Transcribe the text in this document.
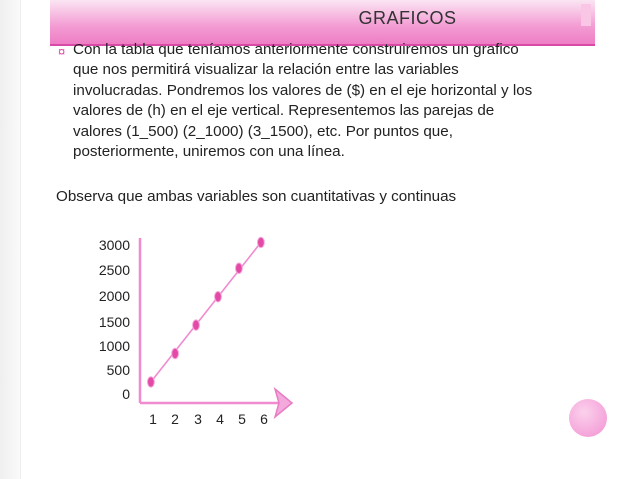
GRAFICOS
¤ Con la tabla que teníamos anteriormente construiremos un grafico
que nos permitirá visualizar la relación entre las variables
involucradas. Pondremos los valores de ($) en el eje horizontal y los
valores de (h) en el eje vertical. Representemos las parejas de
valores (1_500) (2_1000) (3_1500), etc. Por puntos que,
posteriormente, uniremos con una línea.
Observa que ambas variables son cuantitativas y continuas
3000
2500
2000
1500
1000
500
0
1	2	3	4	5	6
